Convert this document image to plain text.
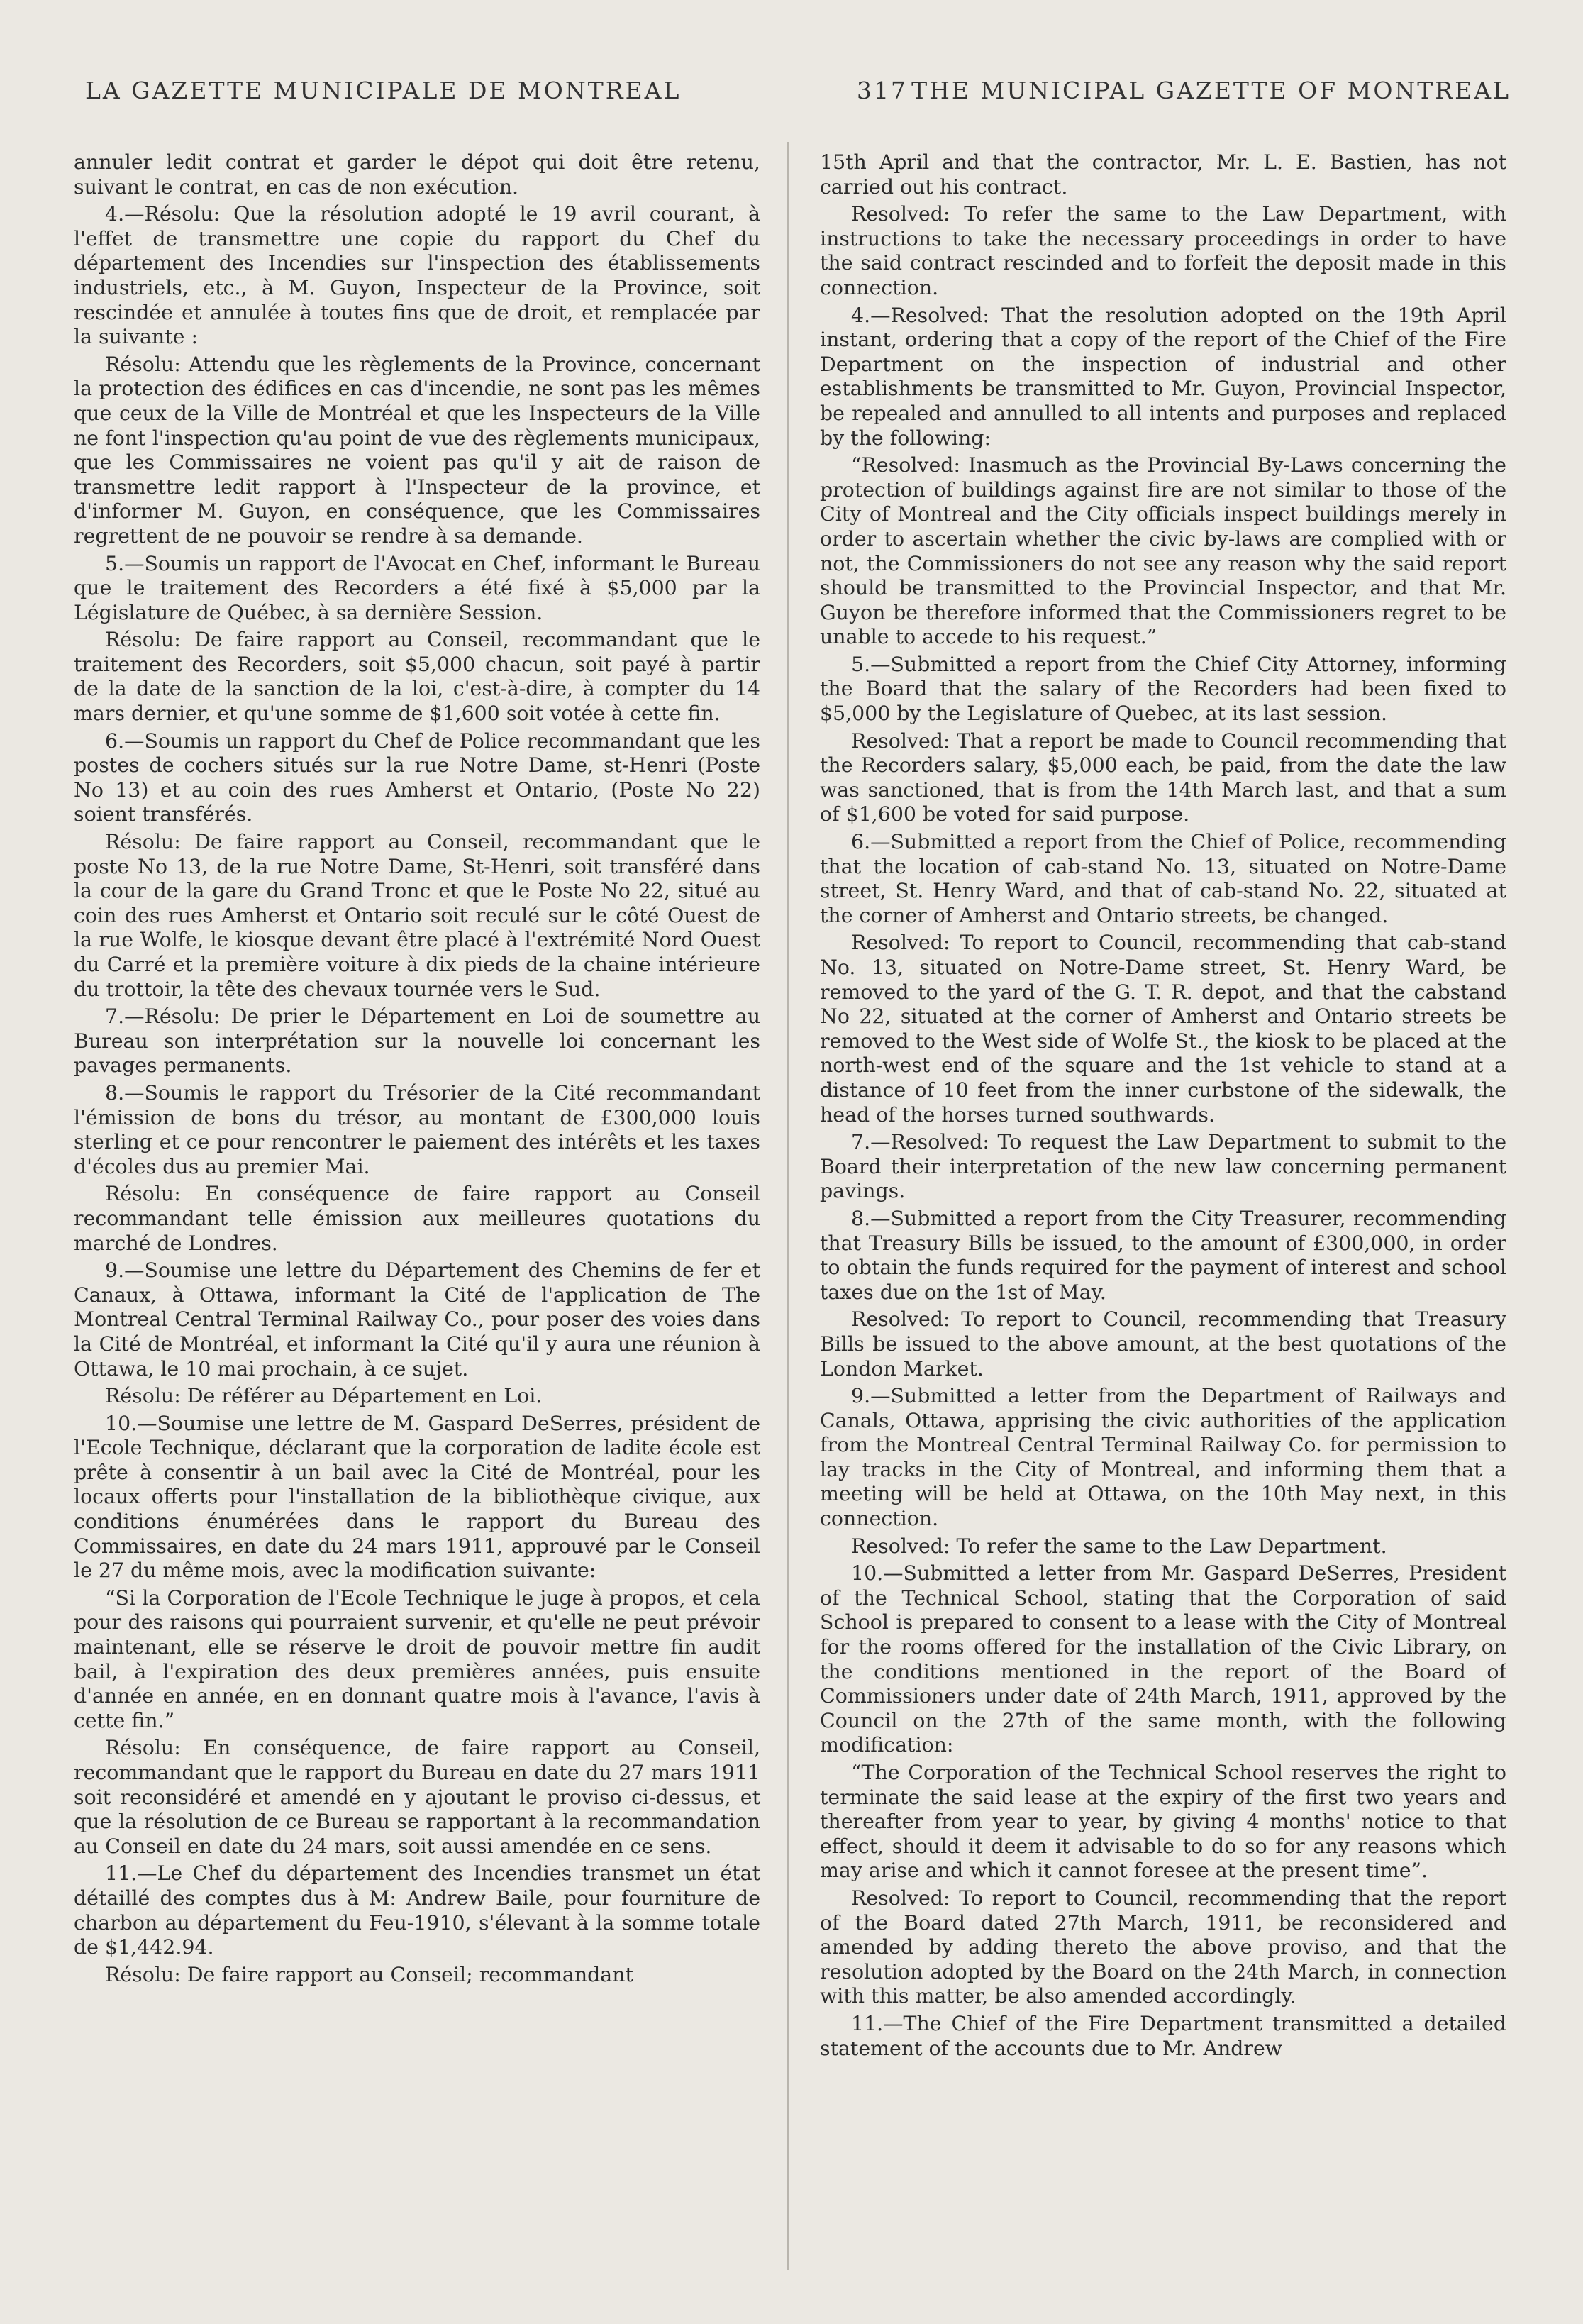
LA GAZETTE MUNICIPALE DE MONTREAL	317 THE MUNICIPAL GAZETTE OF MONTREAL

annuler ledit contrat et garder le dépot qui doit être retenu, suivant le contrat, en cas de non exécution.

4.—Résolu: Que la résolution adopté le 19 avril courant, à l'effet de transmettre une copie du rapport du Chef du département des Incendies sur l'inspection des établissements industriels, etc., à M. Guyon, Inspecteur de la Province, soit rescindée et annulée à toutes fins que de droit, et remplacée par la suivante :

Résolu: Attendu que les règlements de la Province, concernant la protection des édifices en cas d'incendie, ne sont pas les mêmes que ceux de la Ville de Montréal et que les Inspecteurs de la Ville ne font l'inspection qu'au point de vue des règlements municipaux, que les Commissaires ne voient pas qu'il y ait de raison de transmettre ledit rapport à l'Inspecteur de la province, et d'informer M. Guyon, en conséquence, que les Commissaires regrettent de ne pouvoir se rendre à sa demande.

5.—Soumis un rapport de l'Avocat en Chef, informant le Bureau que le traitement des Recorders a été fixé à $5,000 par la Législature de Québec, à sa dernière Session.

Résolu: De faire rapport au Conseil, recommandant que le traitement des Recorders, soit $5,000 chacun, soit payé à partir de la date de la sanction de la loi, c'est-à-dire, à compter du 14 mars dernier, et qu'une somme de $1,600 soit votée à cette fin.

6.—Soumis un rapport du Chef de Police recommandant que les postes de cochers situés sur la rue Notre Dame, st-Henri (Poste No 13) et au coin des rues Amherst et Ontario, (Poste No 22) soient transférés.

Résolu: De faire rapport au Conseil, recommandant que le poste No 13, de la rue Notre Dame, St-Henri, soit transféré dans la cour de la gare du Grand Tronc et que le Poste No 22, situé au coin des rues Amherst et Ontario soit reculé sur le côté Ouest de la rue Wolfe, le kiosque devant être placé à l'extrémité Nord Ouest du Carré et la première voiture à dix pieds de la chaine intérieure du trottoir, la tête des chevaux tournée vers le Sud.

7.—Résolu: De prier le Département en Loi de soumettre au Bureau son interprétation sur la nouvelle loi concernant les pavages permanents.

8.—Soumis le rapport du Trésorier de la Cité recommandant l'émission de bons du trésor, au montant de £300,000 louis sterling et ce pour rencontrer le paiement des intérêts et les taxes d'écoles dus au premier Mai.

Résolu: En conséquence de faire rapport au Conseil recommandant telle émission aux meilleures quotations du marché de Londres.

9.—Soumise une lettre du Département des Chemins de fer et Canaux, à Ottawa, informant la Cité de l'application de The Montreal Central Terminal Railway Co., pour poser des voies dans la Cité de Montréal, et informant la Cité qu'il y aura une réunion à Ottawa, le 10 mai prochain, à ce sujet.

Résolu: De référer au Département en Loi.

10.—Soumise une lettre de M. Gaspard DeSerres, président de l'Ecole Technique, déclarant que la corporation de ladite école est prête à consentir à un bail avec la Cité de Montréal, pour les locaux offerts pour l'installation de la bibliothèque civique, aux conditions énumérées dans le rapport du Bureau des Commissaires, en date du 24 mars 1911, approuvé par le Conseil le 27 du même mois, avec la modification suivante:

“Si la Corporation de l'Ecole Technique le juge à propos, et cela pour des raisons qui pourraient survenir, et qu'elle ne peut prévoir maintenant, elle se réserve le droit de pouvoir mettre fin audit bail, à l'expiration des deux premières années, puis ensuite d'année en année, en en donnant quatre mois à l'avance, l'avis à cette fin.”

Résolu: En conséquence, de faire rapport au Conseil, recommandant que le rapport du Bureau en date du 27 mars 1911 soit reconsidéré et amendé en y ajoutant le proviso ci-dessus, et que la résolution de ce Bureau se rapportant à la recommandation au Conseil en date du 24 mars, soit aussi amendée en ce sens.

11.—Le Chef du département des Incendies transmet un état détaillé des comptes dus à M: Andrew Baile, pour fourniture de charbon au département du Feu-1910, s'élevant à la somme totale de $1,442.94.

Résolu: De faire rapport au Conseil; recommandant

15th April and that the contractor, Mr. L. E. Bastien, has not carried out his contract.

Resolved: To refer the same to the Law Department, with instructions to take the necessary proceedings in order to have the said contract rescinded and to forfeit the deposit made in this connection.

4.—Resolved: That the resolution adopted on the 19th April instant, ordering that a copy of the report of the Chief of the Fire Department on the inspection of industrial and other establishments be transmitted to Mr. Guyon, Provincial Inspector, be repealed and annulled to all intents and purposes and replaced by the following:

“Resolved: Inasmuch as the Provincial By-Laws concerning the protection of buildings against fire are not similar to those of the City of Montreal and the City officials inspect buildings merely in order to ascertain whether the civic by-laws are complied with or not, the Commissioners do not see any reason why the said report should be transmitted to the Provincial Inspector, and that Mr. Guyon be therefore informed that the Commissioners regret to be unable to accede to his request.”

5.—Submitted a report from the Chief City Attorney, informing the Board that the salary of the Recorders had been fixed to $5,000 by the Legislature of Quebec, at its last session.

Resolved: That a report be made to Council recommending that the Recorders salary, $5,000 each, be paid, from the date the law was sanctioned, that is from the 14th March last, and that a sum of $1,600 be voted for said purpose.

6.—Submitted a report from the Chief of Police, recommending that the location of cab-stand No. 13, situated on Notre-Dame street, St. Henry Ward, and that of cab-stand No. 22, situated at the corner of Amherst and Ontario streets, be changed.

Resolved: To report to Council, recommending that cab-stand No. 13, situated on Notre-Dame street, St. Henry Ward, be removed to the yard of the G. T. R. depot, and that the cabstand No 22, situated at the corner of Amherst and Ontario streets be removed to the West side of Wolfe St., the kiosk to be placed at the north-west end of the square and the 1st vehicle to stand at a distance of 10 feet from the inner curbstone of the sidewalk, the head of the horses turned southwards.

7.—Resolved: To request the Law Department to submit to the Board their interpretation of the new law concerning permanent pavings.

8.—Submitted a report from the City Treasurer, recommending that Treasury Bills be issued, to the amount of £300,000, in order to obtain the funds required for the payment of interest and school taxes due on the 1st of May.

Resolved: To report to Council, recommending that Treasury Bills be issued to the above amount, at the best quotations of the London Market.

9.—Submitted a letter from the Department of Railways and Canals, Ottawa, apprising the civic authorities of the application from the Montreal Central Terminal Railway Co. for permission to lay tracks in the City of Montreal, and informing them that a meeting will be held at Ottawa, on the 10th May next, in this connection.

Resolved: To refer the same to the Law Department.

10.—Submitted a letter from Mr. Gaspard DeSerres, President of the Technical School, stating that the Corporation of said School is prepared to consent to a lease with the City of Montreal for the rooms offered for the installation of the Civic Library, on the conditions mentioned in the report of the Board of Commissioners under date of 24th March, 1911, approved by the Council on the 27th of the same month, with the following modification:

“The Corporation of the Technical School reserves the right to terminate the said lease at the expiry of the first two years and thereafter from year to year, by giving 4 months' notice to that effect, should it deem it advisable to do so for any reasons which may arise and which it cannot foresee at the present time”.

Resolved: To report to Council, recommending that the report of the Board dated 27th March, 1911, be reconsidered and amended by adding thereto the above proviso, and that the resolution adopted by the Board on the 24th March, in connection with this matter, be also amended accordingly.

11.—The Chief of the Fire Department transmitted a detailed statement of the accounts due to Mr. Andrew
